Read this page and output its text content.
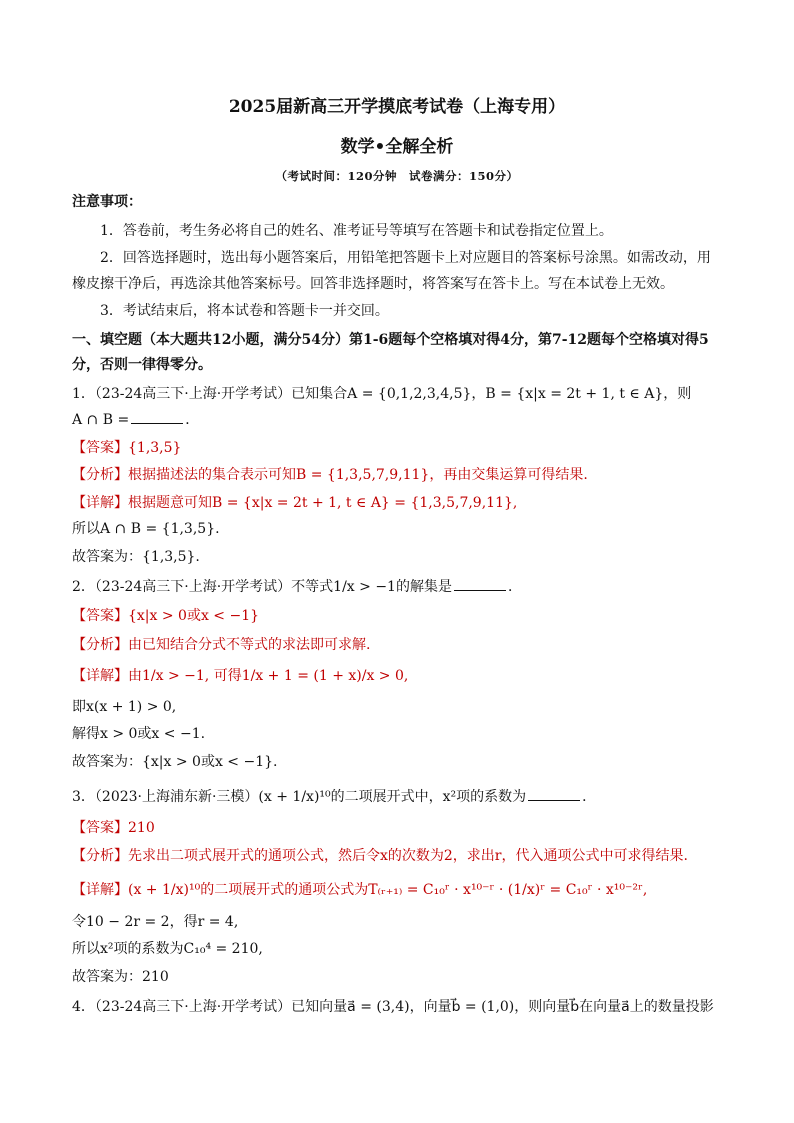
2025届新高三开学摸底考试卷（上海专用）
数学•全解全析
（考试时间：120分钟　试卷满分：150分）
注意事项：
1．答卷前，考生务必将自己的姓名、准考证号等填写在答题卡和试卷指定位置上。
2．回答选择题时，选出每小题答案后，用铅笔把答题卡上对应题目的答案标号涂黑。如需改动，用
橡皮擦干净后，再选涂其他答案标号。回答非选择题时，将答案写在答卡上。写在本试卷上无效。
3．考试结束后，将本试卷和答题卡一并交回。
一、填空题（本大题共12小题，满分54分）第1-6题每个空格填对得4分，第7-12题每个空格填对得5
分，否则一律得零分。
1．（23-24高三下·上海·开学考试）已知集合A = {0,1,2,3,4,5}，B = {x|x = 2t + 1, t ∈ A}，则
A ∩ B =	．
【答案】{1,3,5}
【分析】根据描述法的集合表示可知B = {1,3,5,7,9,11}，再由交集运算可得结果.
【详解】根据题意可知B = {x|x = 2t + 1, t ∈ A} = {1,3,5,7,9,11},
所以A ∩ B = {1,3,5}.
故答案为：{1,3,5}.
2．（23-24高三下·上海·开学考试）不等式1/x > −1的解集是	．
【答案】{x|x > 0或x < −1}
【分析】由已知结合分式不等式的求法即可求解.
【详解】由1/x > −1, 可得1/x + 1 = (1 + x)/x > 0,
即x(x + 1) > 0,
解得x > 0或x < −1.
故答案为：{x|x > 0或x < −1}.
3．（2023·上海浦东新·三模）(x + 1/x)¹⁰的二项展开式中，x²项的系数为	．
【答案】210
【分析】先求出二项式展开式的通项公式，然后令x的次数为2，求出r，代入通项公式中可求得结果.
【详解】(x + 1/x)¹⁰的二项展开式的通项公式为T₍ᵣ₊₁₎ = C₁₀ʳ · x¹⁰⁻ʳ · (1/x)ʳ = C₁₀ʳ · x¹⁰⁻²ʳ,
令10 − 2r = 2，得r = 4,
所以x²项的系数为C₁₀⁴ = 210,
故答案为：210
4．（23-24高三下·上海·开学考试）已知向量a⃗ = (3,4)，向量b⃗ = (1,0)，则向量b⃗在向量a⃗上的数量投影
